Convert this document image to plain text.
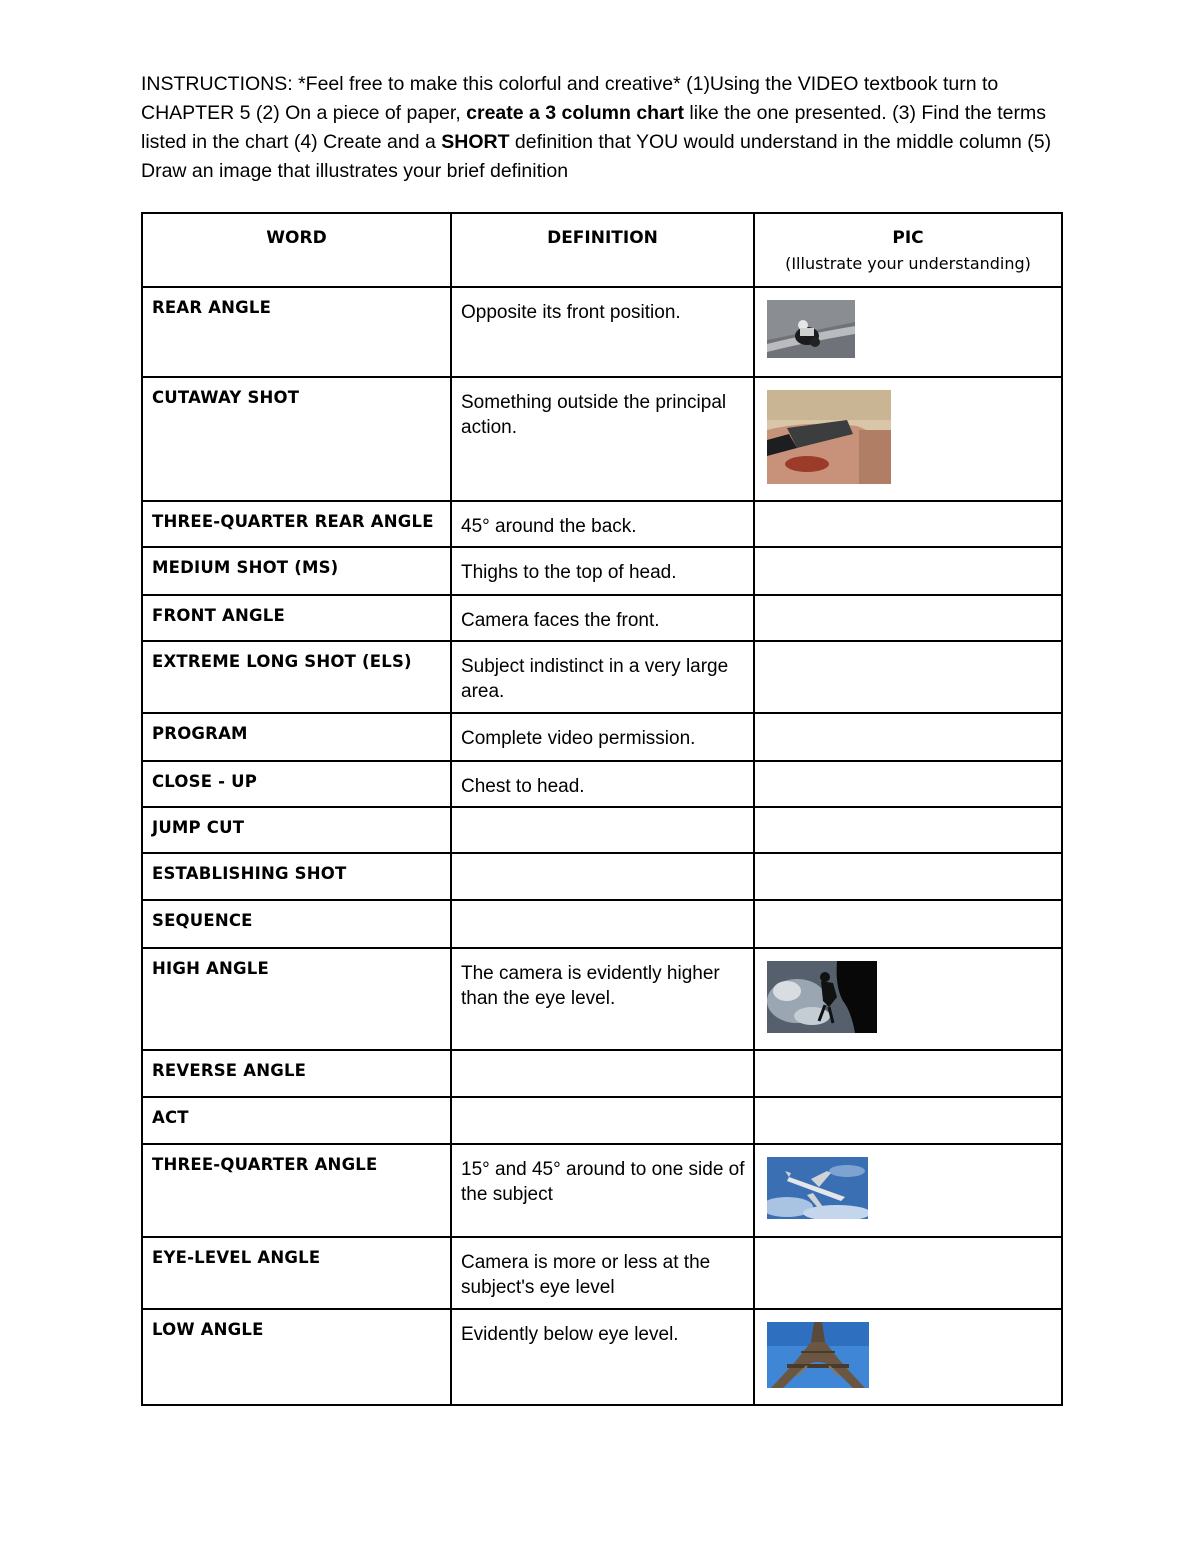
INSTRUCTIONS: *Feel free to make this colorful and creative* (1)Using the VIDEO textbook turn to CHAPTER 5 (2) On a piece of paper, create a 3 column chart like the one presented. (3) Find the terms listed in the chart (4) Create and a SHORT definition that YOU would understand in the middle column (5) Draw an image that illustrates your brief definition
WORD	DEFINITION	PIC
(Illustrate your understanding)

REAR ANGLE	Opposite its front position.	

CUTAWAY SHOT	Something outside the principal action.	

THREE-QUARTER REAR ANGLE	45° around the back.	
MEDIUM SHOT (MS)	Thighs to the top of head.	
FRONT ANGLE	Camera faces the front.	
EXTREME LONG SHOT (ELS)	Subject indistinct in a very large area.	
PROGRAM	Complete video permission.	
CLOSE - UP	Chest to head.	
JUMP CUT		
ESTABLISHING SHOT		
SEQUENCE		
HIGH ANGLE	The camera is evidently higher than the eye level.	

REVERSE ANGLE		
ACT		
THREE-QUARTER ANGLE	15° and 45° around to one side of the subject	

EYE-LEVEL ANGLE	Camera is more or less at the subject's eye level	
LOW ANGLE	Evidently below eye level.	
